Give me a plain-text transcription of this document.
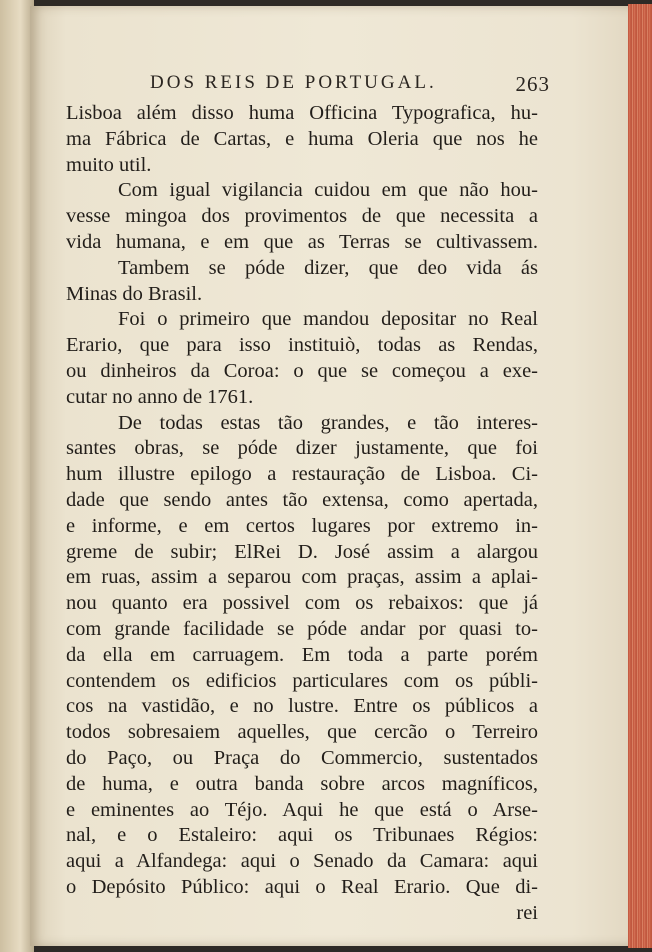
DOS REIS DE PORTUGAL.	263
Lisboa além disso huma Officina Typografica, hu-
ma Fábrica de Cartas, e huma Oleria que nos he
muito util.
Com igual vigilancia cuidou em que não hou-
vesse mingoa dos provimentos de que necessita a
vida humana, e em que as Terras se cultivassem.
Tambem se póde dizer, que deo vida ás
Minas do Brasil.
Foi o primeiro que mandou depositar no Real
Erario, que para isso instituiò, todas as Rendas,
ou dinheiros da Coroa: o que se começou a exe-
cutar no anno de 1761.
De todas estas tão grandes, e tão interes-
santes obras, se póde dizer justamente, que foi
hum illustre epilogo a restauração de Lisboa. Ci-
dade que sendo antes tão extensa, como apertada,
e informe, e em certos lugares por extremo in-
greme de subir; ElRei D. José assim a alargou
em ruas, assim a separou com praças, assim a aplai-
nou quanto era possivel com os rebaixos: que já
com grande facilidade se póde andar por quasi to-
da ella em carruagem. Em toda a parte porém
contendem os edificios particulares com os públi-
cos na vastidão, e no lustre. Entre os públicos a
todos sobresaiem aquelles, que cercão o Terreiro
do Paço, ou Praça do Commercio, sustentados
de huma, e outra banda sobre arcos magníficos,
e eminentes ao Téjo. Aqui he que está o Arse-
nal, e o Estaleiro: aqui os Tribunaes Régios:
aqui a Alfandega: aqui o Senado da Camara: aqui
o Depósito Público: aqui o Real Erario. Que di-
rei
